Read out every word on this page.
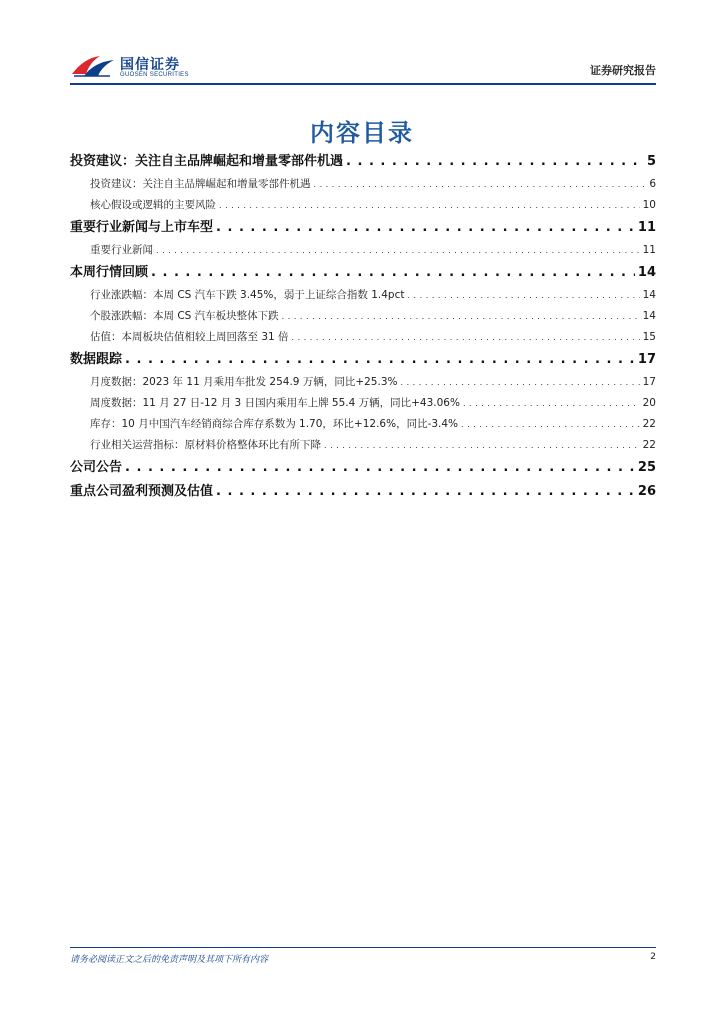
国信证券
GUOSEN SECURITIES	证券研究报告
内容目录
投资建议：关注自主品牌崛起和增量零部件机遇 . . .	5
投资建议：关注自主品牌崛起和增量零部件机遇 . . .	6
核心假设或逻辑的主要风险 . . .	10
重要行业新闻与上市车型 . . .	11
重要行业新闻 . . .	11
本周行情回顾 . . .	14
行业涨跌幅：本周 CS 汽车下跌 3.45%，弱于上证综合指数 1.4pct . . .	14
个股涨跌幅：本周 CS 汽车板块整体下跌 . . .	14
估值：本周板块估值相较上周回落至 31 倍 . . .	15
数据跟踪 . . .	17
月度数据：2023 年 11 月乘用车批发 254.9 万辆，同比+25.3% . . .	17
周度数据：11 月 27 日-12 月 3 日国内乘用车上牌 55.4 万辆，同比+43.06% . . .	20
库存：10 月中国汽车经销商综合库存系数为 1.70，环比+12.6%，同比-3.4% . . .	22
行业相关运营指标：原材料价格整体环比有所下降 . . .	22
公司公告 . . .	25
重点公司盈利预测及估值 . . .	26
请务必阅读正文之后的免责声明及其项下所有内容	2
